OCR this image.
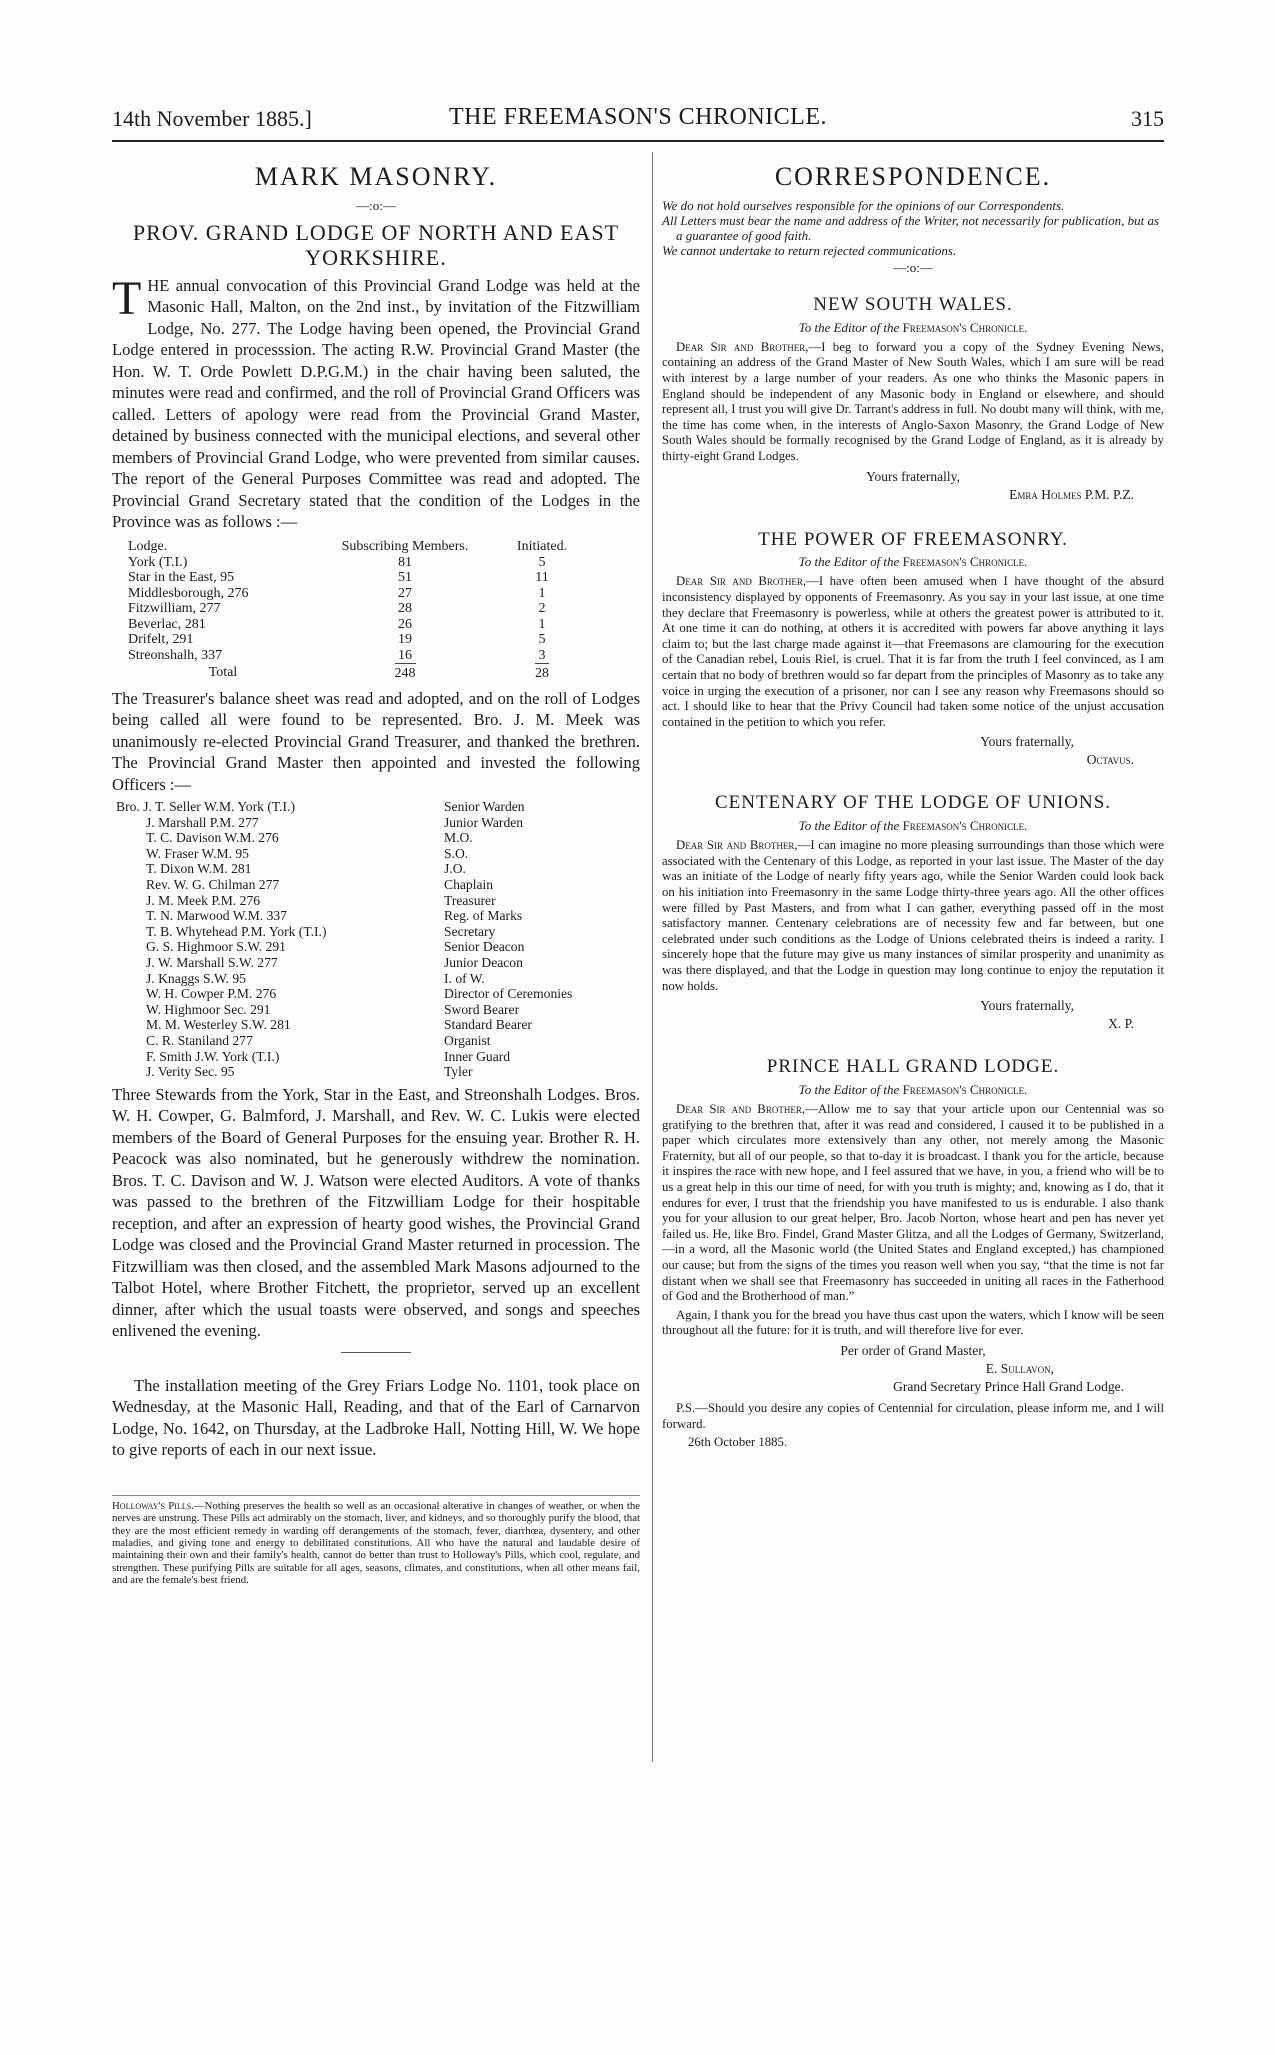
14th November 1885.]	THE FREEMASON'S CHRONICLE.	315
MARK MASONRY.
—:o:—
PROV. GRAND LODGE OF NORTH AND EAST YORKSHIRE.

THE annual convocation of this Provincial Grand Lodge was held at the Masonic Hall, Malton, on the 2nd inst., by invitation of the Fitzwilliam Lodge, No. 277. The Lodge having been opened, the Provincial Grand Lodge entered in processsion. The acting R.W. Provincial Grand Master (the Hon. W. T. Orde Powlett D.P.G.M.) in the chair having been saluted, the minutes were read and confirmed, and the roll of Provincial Grand Officers was called. Letters of apology were read from the Provincial Grand Master, detained by business connected with the municipal elections, and several other members of Provincial Grand Lodge, who were prevented from similar causes. The report of the General Purposes Committee was read and adopted. The Provincial Grand Secretary stated that the condition of the Lodges in the Province was as follows :—

Lodge.	Subscribing Members.	Initiated.
York (T.I.)	81	5
Star in the East, 95	51	11
Middlesborough, 276	27	1
Fitzwilliam, 277	28	2
Beverlac, 281	26	1
Drifelt, 291	19	5
Streonshalh, 337	16	3
Total	248	28

The Treasurer's balance sheet was read and adopted, and on the roll of Lodges being called all were found to be represented. Bro. J. M. Meek was unanimously re-elected Provincial Grand Treasurer, and thanked the brethren. The Provincial Grand Master then appointed and invested the following Officers :—

Bro. J. T. Seller W.M. York (T.I.)	Senior Warden
J. Marshall P.M. 277	Junior Warden
T. C. Davison W.M. 276	M.O.
W. Fraser W.M. 95	S.O.
T. Dixon W.M. 281	J.O.
Rev. W. G. Chilman 277	Chaplain
J. M. Meek P.M. 276	Treasurer
T. N. Marwood W.M. 337	Reg. of Marks
T. B. Whytehead P.M. York (T.I.)	Secretary
G. S. Highmoor S.W. 291	Senior Deacon
J. W. Marshall S.W. 277	Junior Deacon
J. Knaggs S.W. 95	I. of W.
W. H. Cowper P.M. 276	Director of Ceremonies
W. Highmoor Sec. 291	Sword Bearer
M. M. Westerley S.W. 281	Standard Bearer
C. R. Staniland 277	Organist
F. Smith J.W. York (T.I.)	Inner Guard
J. Verity Sec. 95	Tyler

Three Stewards from the York, Star in the East, and Streonshalh Lodges. Bros. W. H. Cowper, G. Balmford, J. Marshall, and Rev. W. C. Lukis were elected members of the Board of General Purposes for the ensuing year. Brother R. H. Peacock was also nominated, but he generously withdrew the nomination. Bros. T. C. Davison and W. J. Watson were elected Auditors. A vote of thanks was passed to the brethren of the Fitzwilliam Lodge for their hospitable reception, and after an expression of hearty good wishes, the Provincial Grand Lodge was closed and the Provincial Grand Master returned in procession. The Fitzwilliam was then closed, and the assembled Mark Masons adjourned to the Talbot Hotel, where Brother Fitchett, the proprietor, served up an excellent dinner, after which the usual toasts were observed, and songs and speeches enlivened the evening.

The installation meeting of the Grey Friars Lodge No. 1101, took place on Wednesday, at the Masonic Hall, Reading, and that of the Earl of Carnarvon Lodge, No. 1642, on Thursday, at the Ladbroke Hall, Notting Hill, W. We hope to give reports of each in our next issue.

Holloway's Pills.—Nothing preserves the health so well as an occasional alterative in changes of weather, or when the nerves are unstrung. These Pills act admirably on the stomach, liver, and kidneys, and so thoroughly purify the blood, that they are the most efficient remedy in warding off derangements of the stomach, fever, diarrhœa, dysentery, and other maladies, and giving tone and energy to debilitated constitutions. All who have the natural and laudable desire of maintaining their own and their family's health, cannot do better than trust to Holloway's Pills, which cool, regulate, and strengthen. These purifying Pills are suitable for all ages, seasons, climates, and constitutions, when all other means fail, and are the female's best friend.

CORRESPONDENCE.

We do not hold ourselves responsible for the opinions of our Correspondents.

All Letters must bear the name and address of the Writer, not necessarily for publication, but as a guarantee of good faith.

We cannot undertake to return rejected communications.

—:o:—
NEW SOUTH WALES.
To the Editor of the Freemason's Chronicle.

Dear Sir and Brother,—I beg to forward you a copy of the Sydney Evening News, containing an address of the Grand Master of New South Wales, which I am sure will be read with interest by a large number of your readers. As one who thinks the Masonic papers in England should be independent of any Masonic body in England or elsewhere, and should represent all, I trust you will give Dr. Tarrant's address in full. No doubt many will think, with me, the time has come when, in the interests of Anglo-Saxon Masonry, the Grand Lodge of New South Wales should be formally recognised by the Grand Lodge of England, as it is already by thirty-eight Grand Lodges.

Yours fraternally,
Emra Holmes P.M. P.Z.
THE POWER OF FREEMASONRY.
To the Editor of the Freemason's Chronicle.

Dear Sir and Brother,—I have often been amused when I have thought of the absurd inconsistency displayed by opponents of Freemasonry. As you say in your last issue, at one time they declare that Freemasonry is powerless, while at others the greatest power is attributed to it. At one time it can do nothing, at others it is accredited with powers far above anything it lays claim to; but the last charge made against it—that Freemasons are clamouring for the execution of the Canadian rebel, Louis Riel, is cruel. That it is far from the truth I feel convinced, as I am certain that no body of brethren would so far depart from the principles of Masonry as to take any voice in urging the execution of a prisoner, nor can I see any reason why Freemasons should so act. I should like to hear that the Privy Council had taken some notice of the unjust accusation contained in the petition to which you refer.

Yours fraternally,
Octavus.
CENTENARY OF THE LODGE OF UNIONS.
To the Editor of the Freemason's Chronicle.

Dear Sir and Brother,—I can imagine no more pleasing surroundings than those which were associated with the Centenary of this Lodge, as reported in your last issue. The Master of the day was an initiate of the Lodge of nearly fifty years ago, while the Senior Warden could look back on his initiation into Freemasonry in the same Lodge thirty-three years ago. All the other offices were filled by Past Masters, and from what I can gather, everything passed off in the most satisfactory manner. Centenary celebrations are of necessity few and far between, but one celebrated under such conditions as the Lodge of Unions celebrated theirs is indeed a rarity. I sincerely hope that the future may give us many instances of similar prosperity and unanimity as was there displayed, and that the Lodge in question may long continue to enjoy the reputation it now holds.

Yours fraternally,
X. P.
PRINCE HALL GRAND LODGE.
To the Editor of the Freemason's Chronicle.

Dear Sir and Brother,—Allow me to say that your article upon our Centennial was so gratifying to the brethren that, after it was read and considered, I caused it to be published in a paper which circulates more extensively than any other, not merely among the Masonic Fraternity, but all of our people, so that to-day it is broadcast. I thank you for the article, because it inspires the race with new hope, and I feel assured that we have, in you, a friend who will be to us a great help in this our time of need, for with you truth is mighty; and, knowing as I do, that it endures for ever, I trust that the friendship you have manifested to us is endurable. I also thank you for your allusion to our great helper, Bro. Jacob Norton, whose heart and pen has never yet failed us. He, like Bro. Findel, Grand Master Glitza, and all the Lodges of Germany, Switzerland,—in a word, all the Masonic world (the United States and England excepted,) has championed our cause; but from the signs of the times you reason well when you say, “that the time is not far distant when we shall see that Freemasonry has succeeded in uniting all races in the Fatherhood of God and the Brotherhood of man.”

Again, I thank you for the bread you have thus cast upon the waters, which I know will be seen throughout all the future: for it is truth, and will therefore live for ever.

Per order of Grand Master,
E. Sullavon,
Grand Secretary Prince Hall Grand Lodge.

P.S.—Should you desire any copies of Centennial for circulation, please inform me, and I will forward.

26th October 1885.
